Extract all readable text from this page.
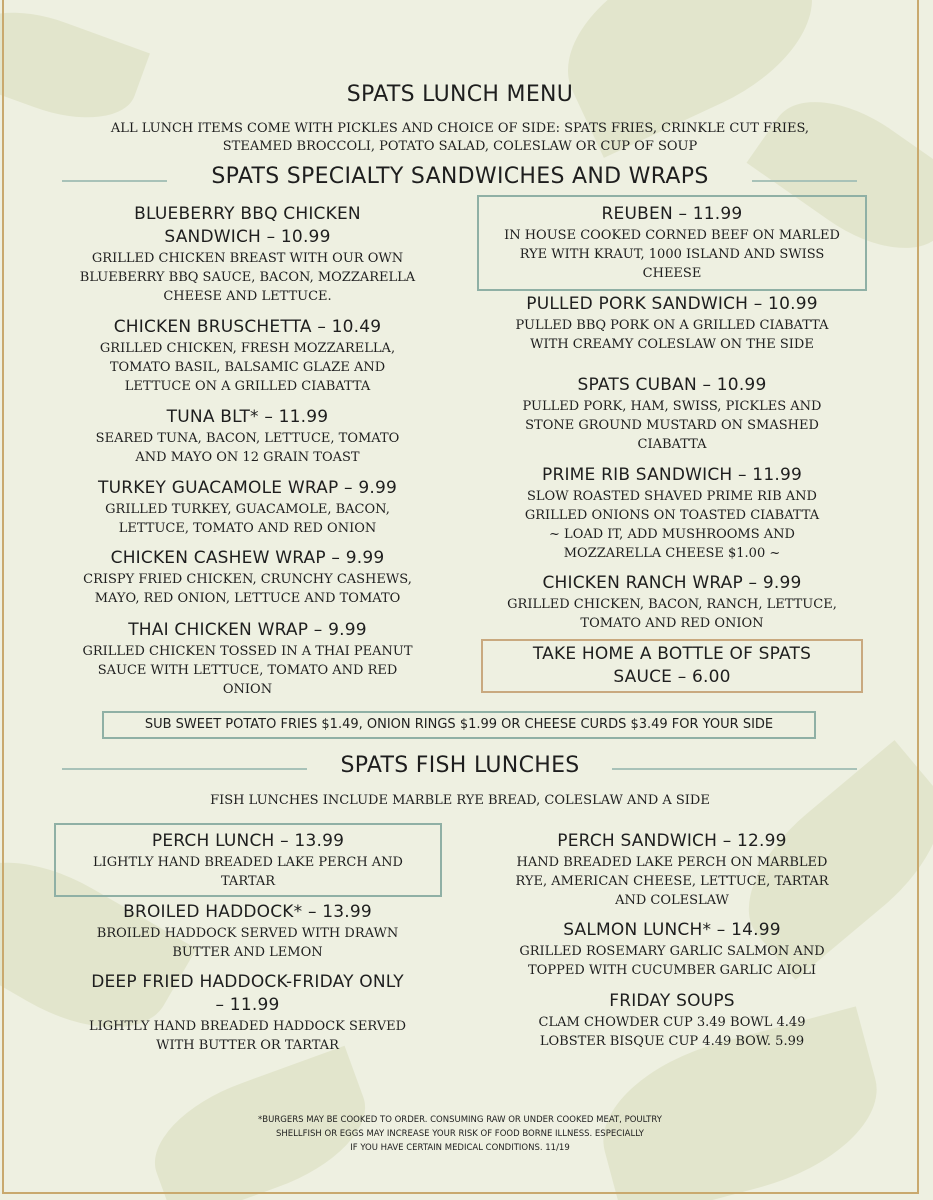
SPATS LUNCH MENU
ALL LUNCH ITEMS COME WITH PICKLES AND CHOICE OF SIDE: SPATS FRIES, CRINKLE CUT FRIES,
STEAMED BROCCOLI, POTATO SALAD, COLESLAW OR CUP OF SOUP
SPATS SPECIALTY SANDWICHES AND WRAPS
BLUEBERRY BBQ CHICKEN
SANDWICH – 10.99
GRILLED CHICKEN BREAST WITH OUR OWN
BLUEBERRY BBQ SAUCE, BACON, MOZZARELLA
CHEESE AND LETTUCE.
CHICKEN BRUSCHETTA – 10.49
GRILLED CHICKEN, FRESH MOZZARELLA,
TOMATO BASIL, BALSAMIC GLAZE AND
LETTUCE ON A GRILLED CIABATTA
TUNA BLT* – 11.99
SEARED TUNA, BACON, LETTUCE, TOMATO
AND MAYO ON 12 GRAIN TOAST
TURKEY GUACAMOLE WRAP – 9.99
GRILLED TURKEY, GUACAMOLE, BACON,
LETTUCE, TOMATO AND RED ONION
CHICKEN CASHEW WRAP – 9.99
CRISPY FRIED CHICKEN, CRUNCHY CASHEWS,
MAYO, RED ONION, LETTUCE AND TOMATO
THAI CHICKEN WRAP – 9.99
GRILLED CHICKEN TOSSED IN A THAI PEANUT
SAUCE WITH LETTUCE, TOMATO AND RED
ONION
REUBEN – 11.99
IN HOUSE COOKED CORNED BEEF ON MARLED
RYE WITH KRAUT, 1000 ISLAND AND SWISS
CHEESE
PULLED PORK SANDWICH – 10.99
PULLED BBQ PORK ON A GRILLED CIABATTA
WITH CREAMY COLESLAW ON THE SIDE
SPATS CUBAN – 10.99
PULLED PORK, HAM, SWISS, PICKLES AND
STONE GROUND MUSTARD ON SMASHED
CIABATTA
PRIME RIB SANDWICH – 11.99
SLOW ROASTED SHAVED PRIME RIB AND
GRILLED ONIONS ON TOASTED CIABATTA
~ LOAD IT, ADD MUSHROOMS AND
MOZZARELLA CHEESE $1.00 ~
CHICKEN RANCH WRAP – 9.99
GRILLED CHICKEN, BACON, RANCH, LETTUCE,
TOMATO AND RED ONION
TAKE HOME A BOTTLE OF SPATS
SAUCE – 6.00
SUB SWEET POTATO FRIES $1.49, ONION RINGS $1.99 OR CHEESE CURDS $3.49 FOR YOUR SIDE
SPATS FISH LUNCHES
FISH LUNCHES INCLUDE MARBLE RYE BREAD, COLESLAW AND A SIDE
PERCH LUNCH – 13.99
LIGHTLY HAND BREADED LAKE PERCH AND
TARTAR
BROILED HADDOCK* – 13.99
BROILED HADDOCK SERVED WITH DRAWN
BUTTER AND LEMON
DEEP FRIED HADDOCK-FRIDAY ONLY
– 11.99
LIGHTLY HAND BREADED HADDOCK SERVED
WITH BUTTER OR TARTAR
PERCH SANDWICH – 12.99
HAND BREADED LAKE PERCH ON MARBLED
RYE, AMERICAN CHEESE, LETTUCE, TARTAR
AND COLESLAW
SALMON LUNCH* – 14.99
GRILLED ROSEMARY GARLIC SALMON AND
TOPPED WITH CUCUMBER GARLIC AIOLI
FRIDAY SOUPS
CLAM CHOWDER CUP 3.49 BOWL 4.49
LOBSTER BISQUE CUP 4.49 BOW. 5.99
*BURGERS MAY BE COOKED TO ORDER. CONSUMING RAW OR UNDER COOKED MEAT, POULTRY
SHELLFISH OR EGGS MAY INCREASE YOUR RISK OF FOOD BORNE ILLNESS. ESPECIALLY
IF YOU HAVE CERTAIN MEDICAL CONDITIONS. 11/19
